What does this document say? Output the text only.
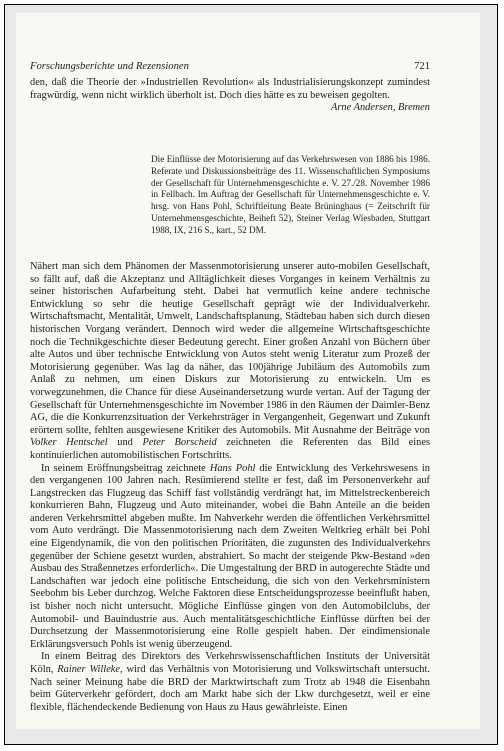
Forschungsberichte und Rezensionen	721
den, daß die Theorie der »Industriellen Revolution« als Industrialisierungskonzept zumindest fragwürdig, wenn nicht wirklich überholt ist. Doch dies hätte es zu beweisen gegolten.

Arne Andersen, Bremen

Die Einflüsse der Motorisierung auf das Verkehrswesen von 1886 bis 1986. Referate und Diskussionsbeiträge des 11. Wissenschaftlichen Symposiums der Gesellschaft für Unternehmensgeschichte e. V. 27./28. November 1986 in Fellbach. Im Auftrag der Gesellschaft für Unternehmensgeschichte e. V. hrsg. von Hans Pohl, Schriftleitung Beate Brüninghaus (= Zeitschrift für Unternehmensgeschichte, Beiheft 52), Steiner Verlag Wiesbaden, Stuttgart 1988, IX, 216 S., kart., 52 DM.

Nähert man sich dem Phänomen der Massenmotorisierung unserer auto-mobilen Gesellschaft, so fällt auf, daß die Akzeptanz und Alltäglichkeit dieses Vorganges in keinem Verhältnis zu seiner historischen Aufarbeitung steht. Dabei hat vermutlich keine andere technische Entwicklung so sehr die heutige Gesellschaft geprägt wie der Individualverkehr. Wirtschaftsmacht, Mentalität, Umwelt, Landschaftsplanung, Städtebau haben sich durch diesen historischen Vorgang verändert. Dennoch wird weder die allgemeine Wirtschaftsgeschichte noch die Technikgeschichte dieser Bedeutung gerecht. Einer großen Anzahl von Büchern über alte Autos und über technische Entwicklung von Autos steht wenig Literatur zum Prozeß der Motorisierung gegenüber. Was lag da näher, das 100jährige Jubiläum des Automobils zum Anlaß zu nehmen, um einen Diskurs zur Motorisierung zu entwickeln. Um es vorwegzunehmen, die Chance für diese Auseinandersetzung wurde vertan. Auf der Tagung der Gesellschaft für Unternehmensgeschichte im November 1986 in den Räumen der Daimler-Benz AG, die die Konkurrenzsituation der Verkehrsträger in Vergangenheit, Gegenwart und Zukunft erörtern sollte, fehlten ausgewiesene Kritiker des Automobils. Mit Ausnahme der Beiträge von Volker Hentschel und Peter Borscheid zeichneten die Referenten das Bild eines kontinuierlichen automobilistischen Fortschritts.

In seinem Eröffnungsbeitrag zeichnete Hans Pohl die Entwicklung des Verkehrswesens in den vergangenen 100 Jahren nach. Resümierend stellte er fest, daß im Personenverkehr auf Langstrecken das Flugzeug das Schiff fast vollständig verdrängt hat, im Mittelstreckenbereich konkurrieren Bahn, Flugzeug und Auto miteinander, wobei die Bahn Anteile an die beiden anderen Verkehrsmittel abgeben mußte. Im Nahverkehr werden die öffentlichen Verkehrsmittel vom Auto verdrängt. Die Massenmotorisierung nach dem Zweiten Weltkrieg erhält bei Pohl eine Eigendynamik, die von den politischen Prioritäten, die zugunsten des Individualverkehrs gegenüber der Schiene gesetzt wurden, abstrahiert. So macht der steigende Pkw-Bestand »den Ausbau des Straßennetzes erforderlich«. Die Umgestaltung der BRD in autogerechte Städte und Landschaften war jedoch eine politische Entscheidung, die sich von den Verkehrsministern Seebohm bis Leber durchzog. Welche Faktoren diese Entscheidungsprozesse beeinflußt haben, ist bisher noch nicht untersucht. Mögliche Einflüsse gingen von den Automobilclubs, der Automobil- und Bauindustrie aus. Auch mentalitätsgeschichtliche Einflüsse dürften bei der Durchsetzung der Massenmotorisierung eine Rolle gespielt haben. Der eindimensionale Erklärungsversuch Pohls ist wenig überzeugend.

In einem Beitrag des Direktors des Verkehrswissenschaftlichen Instituts der Universität Köln, Rainer Willeke, wird das Verhältnis von Motorisierung und Volkswirtschaft untersucht. Nach seiner Meinung habe die BRD der Marktwirtschaft zum Trotz ab 1948 die Eisenbahn beim Güterverkehr gefördert, doch am Markt habe sich der Lkw durchgesetzt, weil er eine flexible, flächendeckende Bedienung von Haus zu Haus gewährleiste. Einen
